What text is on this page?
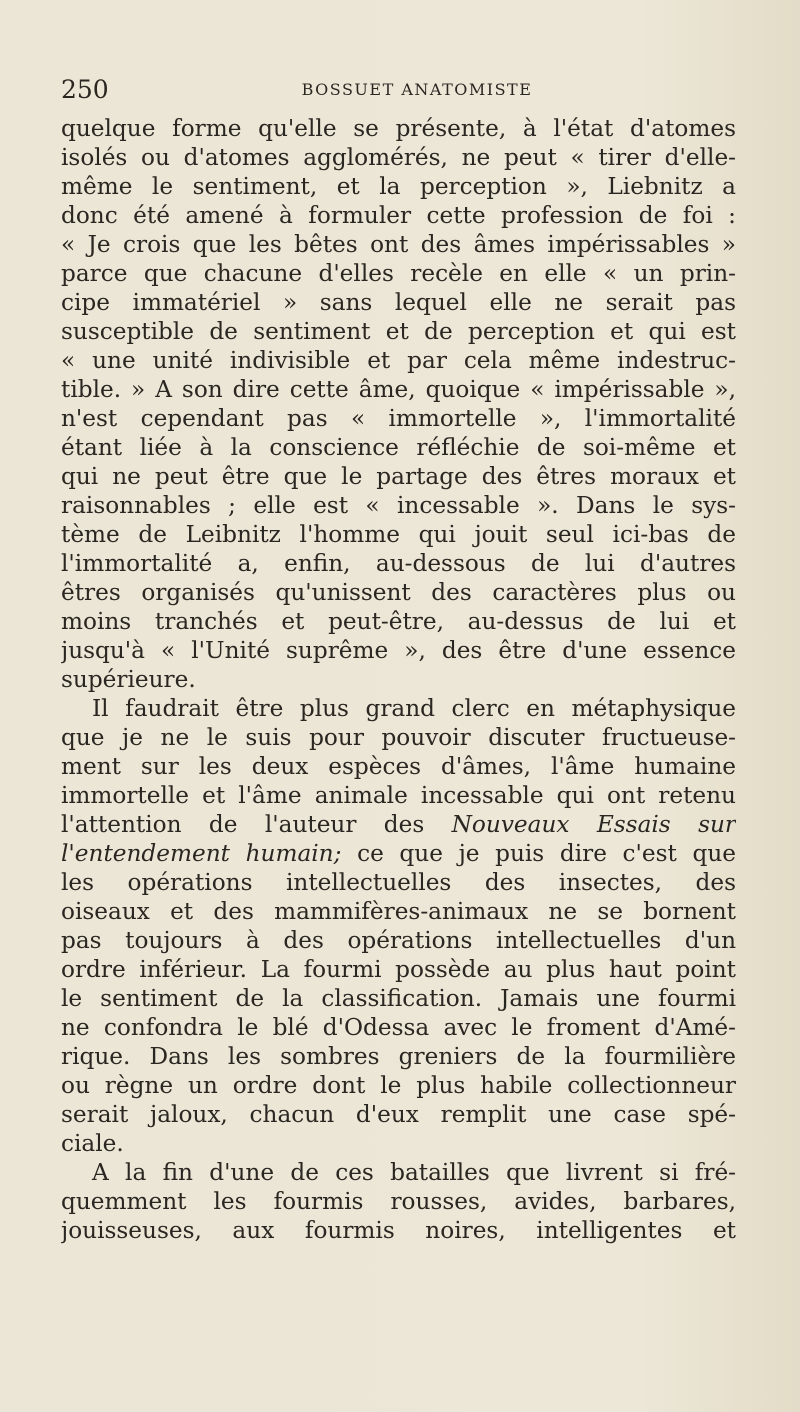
250	BOSSUET ANATOMISTE
quelque forme qu'elle se présente, à l'état d'atomes
isolés ou d'atomes agglomérés, ne peut « tirer d'elle-
même le sentiment, et la perception », Liebnitz a
donc été amené à formuler cette profession de foi :
« Je crois que les bêtes ont des âmes impérissables »
parce que chacune d'elles recèle en elle « un prin-
cipe immatériel » sans lequel elle ne serait pas
susceptible de sentiment et de perception et qui est
« une unité indivisible et par cela même indestruc-
tible. » A son dire cette âme, quoique « impérissable »,
n'est cependant pas « immortelle », l'immortalité
étant liée à la conscience réfléchie de soi-même et
qui ne peut être que le partage des êtres moraux et
raisonnables ; elle est « incessable ». Dans le sys-
tème de Leibnitz l'homme qui jouit seul ici-bas de
l'immortalité a, enfin, au-dessous de lui d'autres
êtres organisés qu'unissent des caractères plus ou
moins tranchés et peut-être, au-dessus de lui et
jusqu'à « l'Unité suprême », des être d'une essence
supérieure.
Il faudrait être plus grand clerc en métaphysique
que je ne le suis pour pouvoir discuter fructueuse-
ment sur les deux espèces d'âmes, l'âme humaine
immortelle et l'âme animale incessable qui ont retenu
l'attention de l'auteur des Nouveaux Essais sur
l'entendement humain; ce que je puis dire c'est que
les opérations intellectuelles des insectes, des
oiseaux et des mammifères-animaux ne se bornent
pas toujours à des opérations intellectuelles d'un
ordre inférieur. La fourmi possède au plus haut point
le sentiment de la classification. Jamais une fourmi
ne confondra le blé d'Odessa avec le froment d'Amé-
rique. Dans les sombres greniers de la fourmilière
ou règne un ordre dont le plus habile collectionneur
serait jaloux, chacun d'eux remplit une case spé-
ciale.
A la fin d'une de ces batailles que livrent si fré-
quemment les fourmis rousses, avides, barbares,
jouisseuses, aux fourmis noires, intelligentes et
